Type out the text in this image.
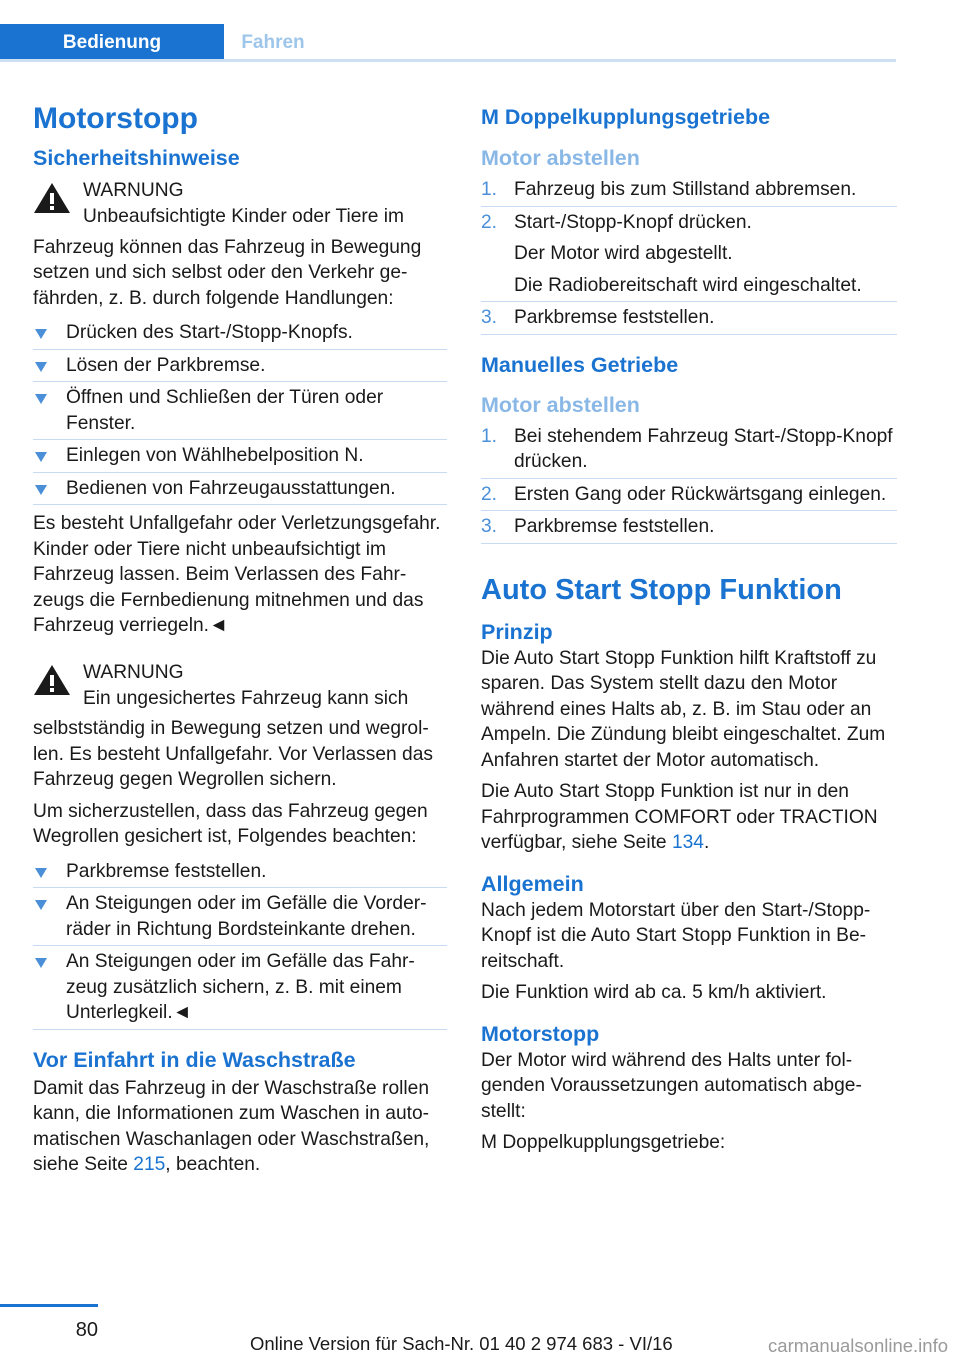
Bedienung	Fahren
Motorstopp
Sicherheitshinweise
WARNUNG
Unbeaufsichtigte Kinder oder Tiere im

Fahrzeug können das Fahrzeug in Bewegung setzen und sich selbst oder den Verkehr gefährden, z. B. durch folgende Handlungen:

Drücken des Start-/Stopp-Knopfs.
Lösen der Parkbremse.
Öffnen und Schließen der Türen oder Fenster.
Einlegen von Wählhebelposition N.
Bedienen von Fahrzeugausstattungen.

Es besteht Unfallgefahr oder Verletzungsgefahr. Kinder oder Tiere nicht unbeaufsichtigt im Fahrzeug lassen. Beim Verlassen des Fahrzeugs die Fernbedienung mitnehmen und das Fahrzeug verriegeln.◄

WARNUNG
Ein ungesichertes Fahrzeug kann sich

selbstständig in Bewegung setzen und wegrollen. Es besteht Unfallgefahr. Vor Verlassen das Fahrzeug gegen Wegrollen sichern.

Um sicherzustellen, dass das Fahrzeug gegen Wegrollen gesichert ist, Folgendes beachten:

Parkbremse feststellen.
An Steigungen oder im Gefälle die Vorderräder in Richtung Bordsteinkante drehen.
An Steigungen oder im Gefälle das Fahrzeug zusätzlich sichern, z. B. mit einem Unterlegkeil.◄
Vor Einfahrt in die Waschstraße

Damit das Fahrzeug in der Waschstraße rollen kann, die Informationen zum Waschen in automatischen Waschanlagen oder Waschstraßen, siehe Seite 215, beachten.

M Doppelkupplungsgetriebe
Motor abstellen
1. Fahrzeug bis zum Stillstand abbremsen.
2. Start-/Stopp-Knopf drücken.

Der Motor wird abgestellt.

Die Radiobereitschaft wird eingeschaltet.

3. Parkbremse feststellen.
Manuelles Getriebe
Motor abstellen
1. Bei stehendem Fahrzeug Start-/Stopp-Knopf drücken.
2. Ersten Gang oder Rückwärtsgang einlegen.
3. Parkbremse feststellen.
Auto Start Stopp Funktion
Prinzip

Die Auto Start Stopp Funktion hilft Kraftstoff zu sparen. Das System stellt dazu den Motor während eines Halts ab, z. B. im Stau oder an Ampeln. Die Zündung bleibt eingeschaltet. Zum Anfahren startet der Motor automatisch.

Die Auto Start Stopp Funktion ist nur in den Fahrprogrammen COMFORT oder TRACTION verfügbar, siehe Seite 134.

Allgemein

Nach jedem Motorstart über den Start-/Stopp-Knopf ist die Auto Start Stopp Funktion in Bereitschaft.

Die Funktion wird ab ca. 5 km/h aktiviert.

Motorstopp

Der Motor wird während des Halts unter folgenden Voraussetzungen automatisch abgestellt:

M Doppelkupplungsgetriebe:

80
Online Version für Sach-Nr. 01 40 2 974 683 - VI/16	carmanualsonline.info
